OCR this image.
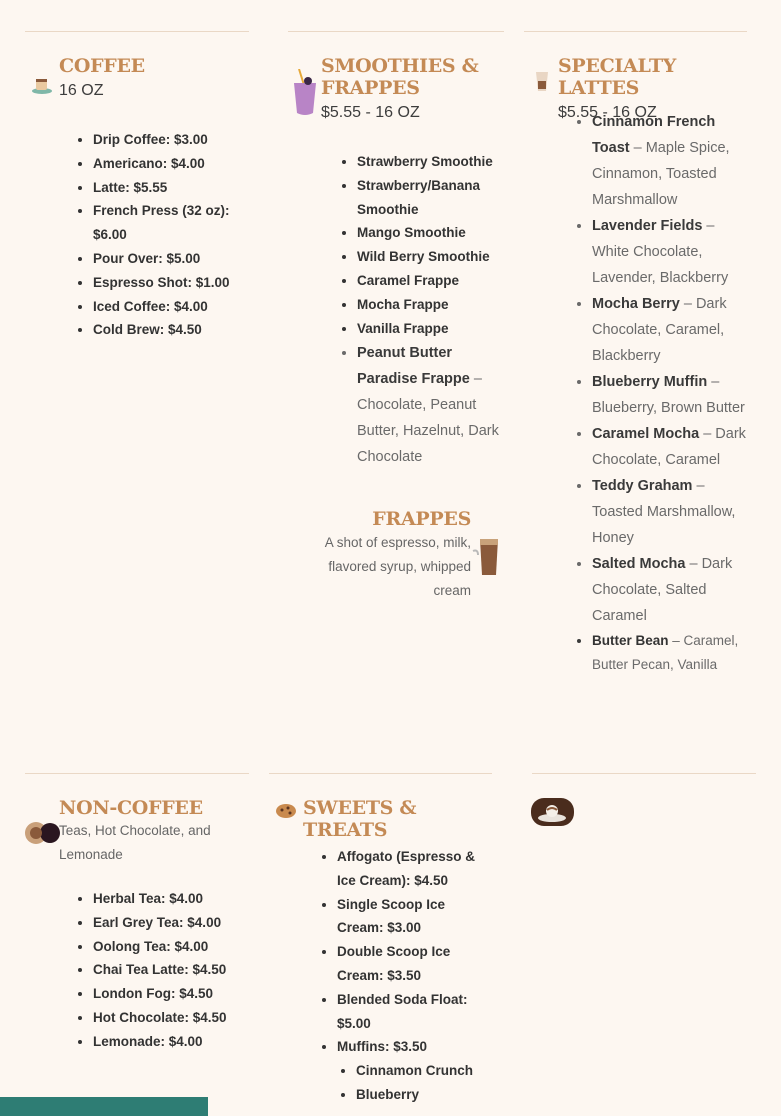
COFFEE
16 OZ
• Drip Coffee: $3.00
• Americano: $4.00
• Latte: $5.55
• French Press (32 oz): $6.00
• Pour Over: $5.00
• Espresso Shot: $1.00
• Iced Coffee: $4.00
• Cold Brew: $4.50
SMOOTHIES & FRAPPES
$5.55 - 16 OZ
• Strawberry Smoothie
• Strawberry/Banana Smoothie
• Mango Smoothie
• Wild Berry Smoothie
• Caramel Frappe
• Mocha Frappe
• Vanilla Frappe
• Peanut Butter Paradise Frappe – Chocolate, Peanut Butter, Hazelnut, Dark Chocolate
FRAPPES
A shot of espresso, milk, flavored syrup, whipped cream
SPECIALTY LATTES
$5.55 - 16 OZ
• Cinnamon French Toast – Maple Spice, Cinnamon, Toasted Marshmallow
• Lavender Fields – White Chocolate, Lavender, Blackberry
• Mocha Berry – Dark Chocolate, Caramel, Blackberry
• Blueberry Muffin – Blueberry, Brown Butter
• Caramel Mocha – Dark Chocolate, Caramel
• Teddy Graham – Toasted Marshmallow, Honey
• Salted Mocha – Dark Chocolate, Salted Caramel
• Butter Bean – Caramel, Butter Pecan, Vanilla
NON-COFFEE
Teas, Hot Chocolate, and Lemonade
• Herbal Tea: $4.00
• Earl Grey Tea: $4.00
• Oolong Tea: $4.00
• Chai Tea Latte: $4.50
• London Fog: $4.50
• Hot Chocolate: $4.50
• Lemonade: $4.00
SWEETS & TREATS
• Affogato (Espresso & Ice Cream): $4.50
• Single Scoop Ice Cream: $3.00
• Double Scoop Ice Cream: $3.50
• Blended Soda Float: $5.00
• Muffins: $3.50
• Cinnamon Crunch
• Blueberry
